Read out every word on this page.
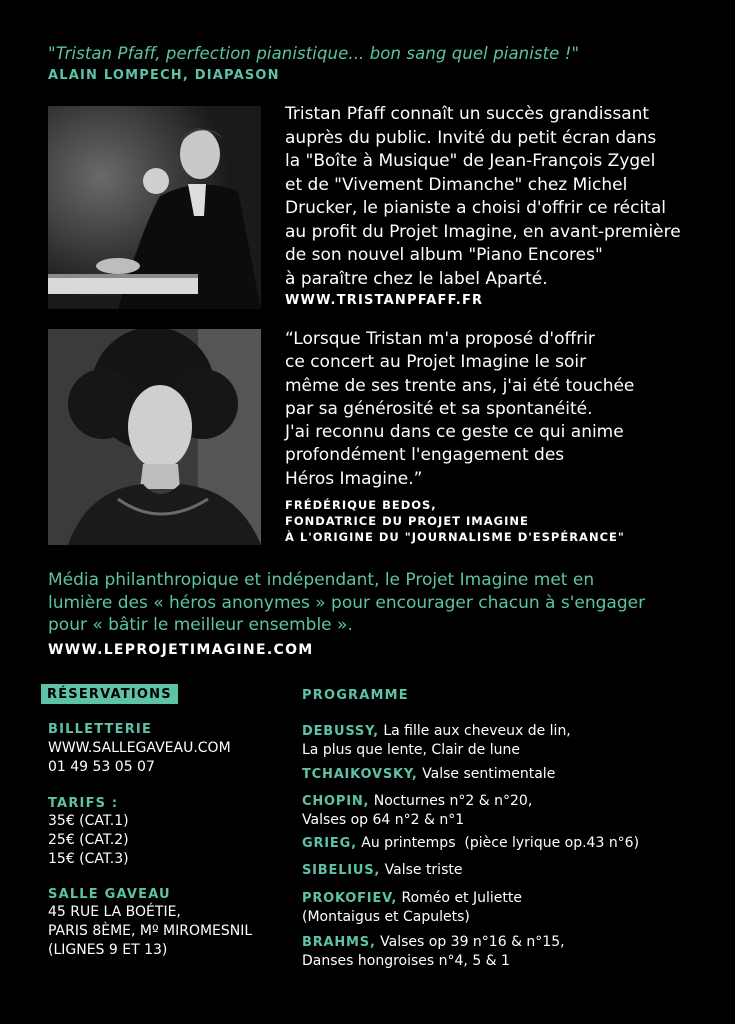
"Tristan Pfaff, perfection pianistique... bon sang quel pianiste !"
ALAIN LOMPECH, DIAPASON
Tristan Pfaff connaît un succès grandissant
auprès du public. Invité du petit écran dans
la "Boîte à Musique" de Jean-François Zygel
et de "Vivement Dimanche" chez Michel
Drucker, le pianiste a choisi d'offrir ce récital
au profit du Projet Imagine, en avant-première
de son nouvel album "Piano Encores"
à paraître chez le label Aparté.
WWW.TRISTANPFAFF.FR
“Lorsque Tristan m'a proposé d'offrir
ce concert au Projet Imagine le soir
même de ses trente ans, j'ai été touchée
par sa générosité et sa spontanéité.
J'ai reconnu dans ce geste ce qui anime
profondément l'engagement des
Héros Imagine.”
FRÉDÉRIQUE BEDOS,
FONDATRICE DU PROJET IMAGINE
À L'ORIGINE DU "JOURNALISME D'ESPÉRANCE"
Média philanthropique et indépendant, le Projet Imagine met en
lumière des « héros anonymes » pour encourager chacun à s'engager
pour « bâtir le meilleur ensemble ».
WWW.LEPROJETIMAGINE.COM
RÉSERVATIONS
BILLETTERIE
WWW.SALLEGAVEAU.COM
01 49 53 05 07
TARIFS :
35€ (CAT.1)
25€ (CAT.2)
15€ (CAT.3)
SALLE GAVEAU
45 RUE LA BOÉTIE,
PARIS 8ÈME, Mº MIROMESNIL
(LIGNES 9 ET 13)
PROGRAMME
DEBUSSY, La fille aux cheveux de lin,
La plus que lente, Clair de lune
TCHAIKOVSKY, Valse sentimentale
CHOPIN, Nocturnes n°2 & n°20,
Valses op 64 n°2 & n°1
GRIEG, Au printemps  (pièce lyrique op.43 n°6)
SIBELIUS, Valse triste
PROKOFIEV, Roméo et Juliette
(Montaigus et Capulets)
BRAHMS, Valses op 39 n°16 & n°15,
Danses hongroises n°4, 5 & 1
